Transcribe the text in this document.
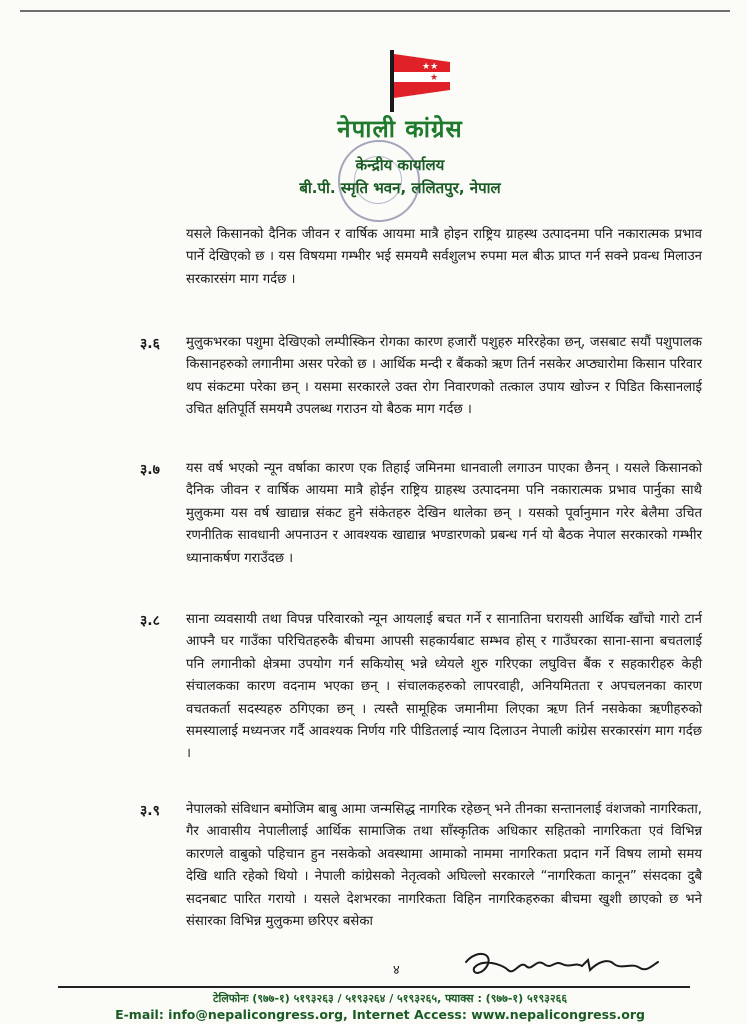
★★
★
नेपाली कांग्रेस
केन्द्रीय कार्यालय
बी.पी. स्मृति भवन, ललितपुर, नेपाल

यसले किसानको दैनिक जीवन र वार्षिक आयमा मात्रै होइन राष्ट्रिय ग्राहस्थ उत्पादनमा पनि नकारात्मक प्रभाव पार्ने देखिएको छ । यस विषयमा गम्भीर भई समयमै सर्वशुलभ रुपमा मल बीऊ प्राप्त गर्न सक्ने प्रवन्ध मिलाउन सरकारसंग माग गर्दछ ।

३.६ मुलुकभरका पशुमा देखिएको लम्पीस्किन रोगका कारण हजारौं पशुहरु मरिरहेका छन्, जसबाट सयौं पशुपालक किसानहरुको लगानीमा असर परेको छ । आर्थिक मन्दी र बैंकको ऋण तिर्न नसकेर अप्ठ्यारोमा किसान परिवार थप संकटमा परेका छन् । यसमा सरकारले उक्त रोग निवारणको तत्काल उपाय खोज्न र पिडित किसानलाई उचित क्षतिपूर्ति समयमै उपलब्ध गराउन यो बैठक माग गर्दछ ।

३.७ यस वर्ष भएको न्यून वर्षाका कारण एक तिहाई जमिनमा धानवाली लगाउन पाएका छैनन् । यसले किसानको दैनिक जीवन र वार्षिक आयमा मात्रै होईन राष्ट्रिय ग्राहस्थ उत्पादनमा पनि नकारात्मक प्रभाव पार्नुका साथै मुलुकमा यस वर्ष खाद्यान्न संकट हुने संकेतहरु देखिन थालेका छन् । यसको पूर्वानुमान गरेर बेलैमा उचित रणनीतिक सावधानी अपनाउन र आवश्यक खाद्यान्न भण्डारणको प्रबन्ध गर्न यो बैठक नेपाल सरकारको गम्भीर ध्यानाकर्षण गराउँदछ ।

३.८ साना व्यवसायी तथा विपन्न परिवारको न्यून आयलाई बचत गर्ने र सानातिना घरायसी आर्थिक खाँचो गारो टार्न आफ्नै घर गाउँका परिचितहरुकै बीचमा आपसी सहकार्यबाट सम्भव होस् र गाउँघरका साना-साना बचतलाई पनि लगानीको क्षेत्रमा उपयोग गर्न सकियोस् भन्ने ध्येयले शुरु गरिएका लघुवित्त बैंक र सहकारीहरु केही संचालकका कारण वदनाम भएका छन् । संचालकहरुको लापरवाही, अनियमितता र अपचलनका कारण वचतकर्ता सदस्यहरु ठगिएका छन् । त्यस्तै सामूहिक जमानीमा लिएका ऋण तिर्न नसकेका ऋणीहरुको समस्यालाई मध्यनजर गर्दै आवश्यक निर्णय गरि पीडितलाई न्याय दिलाउन नेपाली कांग्रेस सरकारसंग माग गर्दछ ।

३.९ नेपालको संविधान बमोजिम बाबु आमा जन्मसिद्ध नागरिक रहेछन् भने तीनका सन्तानलाई वंशजको नागरिकता, गैर आवासीय नेपालीलाई आर्थिक सामाजिक तथा साँस्कृतिक अधिकार सहितको नागरिकता एवं विभिन्न कारणले वाबुको पहिचान हुन नसकेको अवस्थामा आमाको नाममा नागरिकता प्रदान गर्ने विषय लामो समय देखि थाति रहेको थियो । नेपाली कांग्रेसको नेतृत्वको अघिल्लो सरकारले “नागरिकता कानून” संसदका दुबै सदनबाट पारित गरायो । यसले देशभरका नागरिकता विहिन नागरिकहरुका बीचमा खुशी छाएको छ भने संसारका विभिन्न मुलुकमा छरिएर बसेका

४
टेलिफोनः (९७७-१) ५१९३२६३ / ५१९३२६४ / ५१९३२६५, फ्याक्स : (९७७-१) ५१९३२६६
E-mail: info@nepalicongress.org, Internet Access: www.nepalicongress.org
